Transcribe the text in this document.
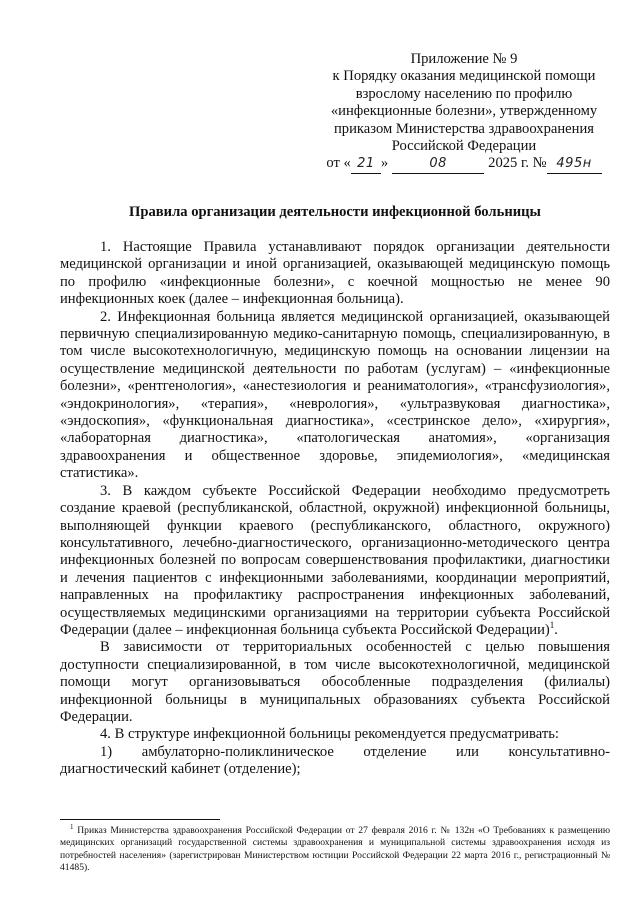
Приложение № 9
к Порядку оказания медицинской помощи
взрослому населению по профилю
«инфекционные болезни», утвержденному
приказом Министерства здравоохранения
Российской Федерации
от « 21 »	08	2025 г. № 495н
Правила организации деятельности инфекционной больницы

1. Настоящие Правила устанавливают порядок организации деятельности медицинской организации и иной организацией, оказывающей медицинскую помощь по профилю «инфекционные болезни», с коечной мощностью не менее 90 инфекционных коек (далее – инфекционная больница).

2. Инфекционная больница является медицинской организацией, оказывающей первичную специализированную медико-санитарную помощь, специализированную, в том числе высокотехнологичную, медицинскую помощь на основании лицензии на осуществление медицинской деятельности по работам (услугам) – «инфекционные болезни», «рентгенология», «анестезиология и реаниматология», «трансфузиология», «эндокринология», «терапия», «неврология», «ультразвуковая диагностика», «эндоскопия», «функциональная диагностика», «сестринское дело», «хирургия», «лабораторная диагностика», «патологическая анатомия», «организация здравоохранения и общественное здоровье, эпидемиология», «медицинская статистика».

3. В каждом субъекте Российской Федерации необходимо предусмотреть создание краевой (республиканской, областной, окружной) инфекционной больницы, выполняющей функции краевого (республиканского, областного, окружного) консультативного, лечебно-диагностического, организационно-методического центра инфекционных болезней по вопросам совершенствования профилактики, диагностики и лечения пациентов с инфекционными заболеваниями, координации мероприятий, направленных на профилактику распространения инфекционных заболеваний, осуществляемых медицинскими организациями на территории субъекта Российской Федерации (далее – инфекционная больница субъекта Российской Федерации)$^1$.

В зависимости от территориальных особенностей с целью повышения доступности специализированной, в том числе высокотехнологичной, медицинской помощи могут организовываться обособленные подразделения (филиалы) инфекционной больницы в муниципальных образованиях субъекта Российской Федерации.

4. В структуре инфекционной больницы рекомендуется предусматривать:

1) амбулаторно-поликлиническое отделение или консультативно-диагностический кабинет (отделение);

$^1$ Приказ Министерства здравоохранения Российской Федерации от 27 февраля 2016 г. № 132н «О Требованиях к размещению медицинских организаций государственной системы здравоохранения и муниципальной системы здравоохранения исходя из потребностей населения» (зарегистрирован Министерством юстиции Российской Федерации 22 марта 2016 г., регистрационный № 41485).
